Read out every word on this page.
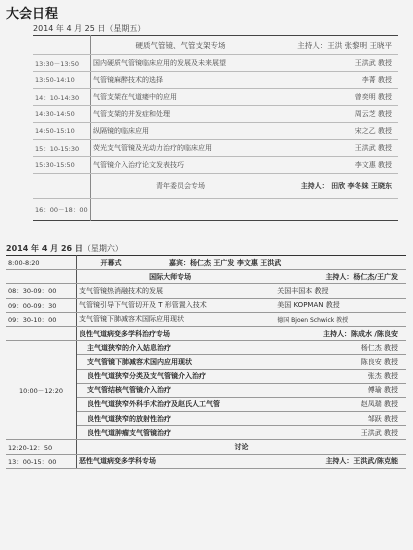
大会日程
2014 年 4 月 25 日（星期五）
	硬质气管镜、气管支架专场	主持人：王洪 张黎明 王晓平
13:30－13:50	国内硬质气管镜临床应用的发展及未来展望	王洪武 教授
13:50-14:10	气管镜麻醉技术的选择	李菁 教授
14：10-14:30	气管支架在气道瘘中的应用	曾奕明 教授
14:30-14:50	气管支架的并发症和处理	周云芝 教授
14:50-15:10	纵隔镜的临床应用	宋之乙 教授
15：10-15:30	荧光支气管镜及光动力治疗的临床应用	王洪武 教授
15:30-15:50	气管镜介入治疗论文发表技巧	李文惠 教授
	青年委员会专场	主持人： 田欣 李冬妹 王晓东
16：00－18：00		
2014 年 4 月 26 日（星期六）
8:00-8:20	开幕式	嘉宾：杨仁杰 王广发 李文惠 王洪武	
	国际大师专场		主持人：杨仁杰/王广发
08：30-09：00	支气管镜热消融技术的发展		关国丰国本 教授
09：00-09：30	气管镜引导下气管切开及 T 形管置入技术		美国 KOPMAN 教授
09：30-10：00	支气管镜下肺减容术国际应用现状		德国 Bjoen Schwick 教授
	良性气道病变多学科治疗专场		主持人：陈成水 /陈良安
10:00－12:20	主气道狭窄的介入姑息治疗		杨仁杰 教授
	支气管镜下肺减容术国内应用现状		陈良安 教授
	良性气道狭窄分类及支气管镜介入治疗		张杰 教授
	支气管结核气管镜介入治疗		傅瑜 教授
	良性气道狭窄外科手术治疗及赵氏人工气管		赵凤瑞 教授
	良性气道狭窄的放射性治疗		邹跃 教授
	良性气道肿瘤支气管镜治疗		王洪武 教授
12:20-12：50	讨论		
13：00-15：00	恶性气道病变多学科专场		主持人：王洪武/陈克能
